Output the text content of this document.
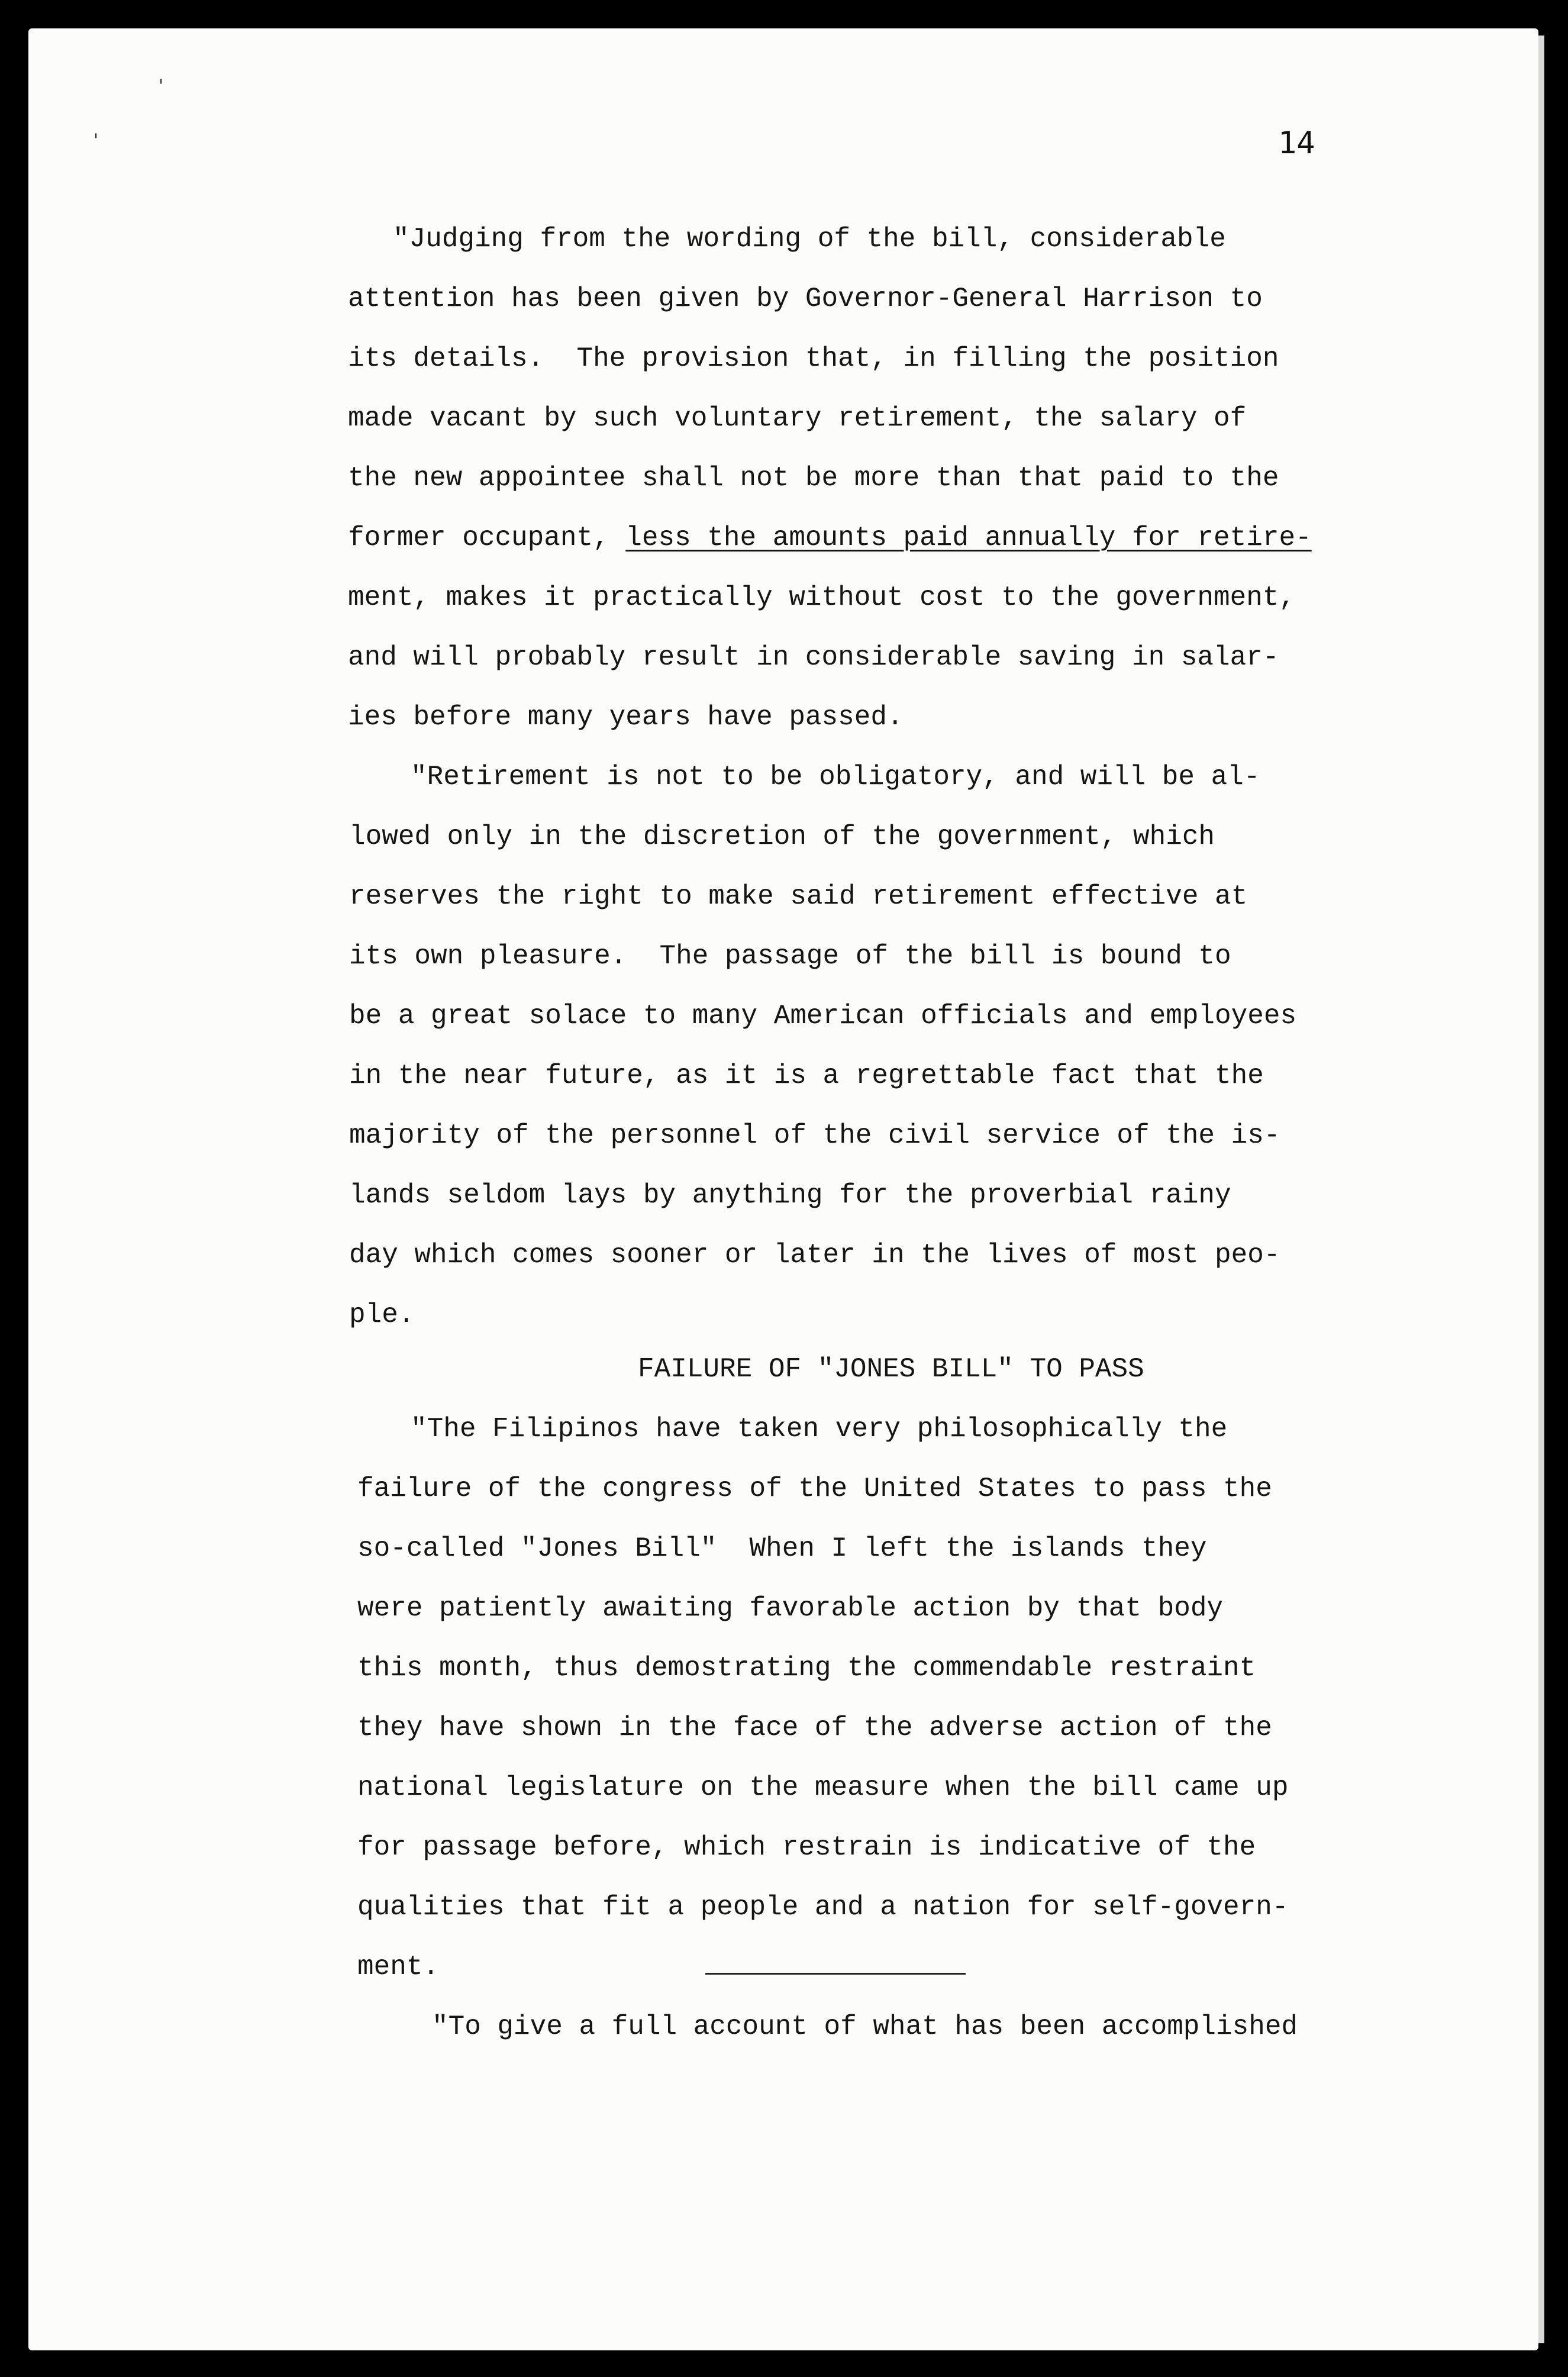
'
'	14
"Judging from the wording of the bill, considerable
attention has been given by Governor-General Harrison to
its details.  The provision that, in filling the position
made vacant by such voluntary retirement, the salary of
the new appointee shall not be more than that paid to the
former occupant, less the amounts paid annually for retire-
ment, makes it practically without cost to the government,
and will probably result in considerable saving in salar-
ies before many years have passed.
"Retirement is not to be obligatory, and will be al-
lowed only in the discretion of the government, which
reserves the right to make said retirement effective at
its own pleasure.  The passage of the bill is bound to
be a great solace to many American officials and employees
in the near future, as it is a regrettable fact that the
majority of the personnel of the civil service of the is-
lands seldom lays by anything for the proverbial rainy
day which comes sooner or later in the lives of most peo-
ple.
FAILURE OF "JONES BILL" TO PASS
"The Filipinos have taken very philosophically the
failure of the congress of the United States to pass the
so-called "Jones Bill"  When I left the islands they
were patiently awaiting favorable action by that body
this month, thus demostrating the commendable restraint
they have shown in the face of the adverse action of the
national legislature on the measure when the bill came up
for passage before, which restrain is indicative of the
qualities that fit a people and a nation for self-govern-
ment.
"To give a full account of what has been accomplished
